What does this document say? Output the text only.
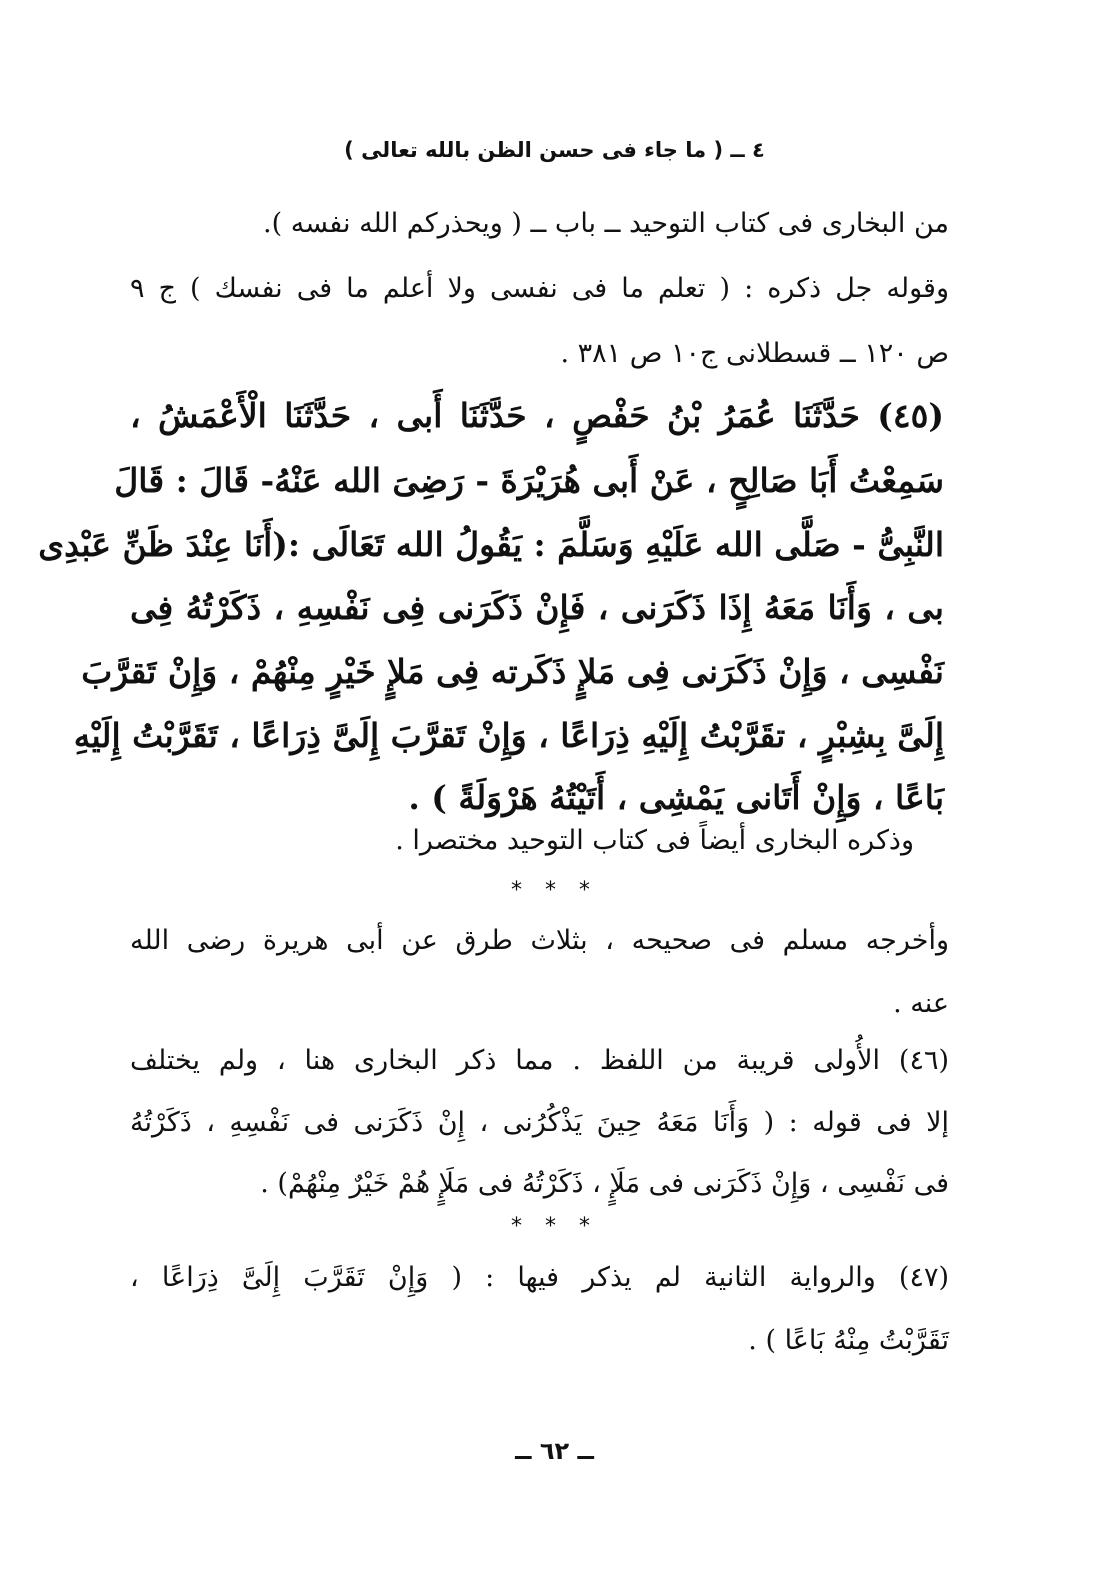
٤ ــ ( ما جاء فى حسن الظن بالله تعالى )
من البخارى فى كتاب التوحيد ــ باب ــ ( ويحذركم الله نفسه ).
وقوله جل ذكره : ( تعلم ما فى نفسى ولا أعلم ما فى نفسك ) ج ٩
ص ١٢٠ ــ قسطلانى ج١٠ ص ٣٨١ .
(٤٥) حَدَّثَنَا عُمَرُ بْنُ حَفْصٍ ، حَدَّثَنَا أَبى ، حَدَّثَنَا الْأَعْمَشُ ،
سَمِعْتُ أَبَا صَالِحٍ ، عَنْ أَبى هُرَيْرَةَ - رَضِىَ الله عَنْهُ- قَالَ : قَالَ
النَّبِىُّ - صَلَّى الله عَلَيْهِ وَسَلَّمَ : يَقُولُ الله تَعَالَى :(أَنَا عِنْدَ ظَنِّ عَبْدِى
بى ، وَأَنَا مَعَهُ إِذَا ذَكَرَنى ، فَإِنْ ذَكَرَنى فِى نَفْسِهِ ، ذَكَرْتُهُ فِى
نَفْسِى ، وَإِنْ ذَكَرَنى فِى مَلإٍ ذَكَرته فِى مَلإٍ خَيْرٍ مِنْهُمْ ، وَإِنْ تَقرَّبَ
إِلَىَّ بِشِبْرٍ ، تقَرَّبْتُ إِلَيْهِ ذِرَاعًا ، وَإِنْ تَقرَّبَ إِلَىَّ ذِرَاعًا ، تَقَرَّبْتُ إِلَيْهِ
بَاعًا ، وَإِنْ أَتَانى يَمْشِى ، أَتَيْتُهُ هَرْوَلَةً ) .
وذكره البخارى أيضاً فى كتاب التوحيد مختصرا .
* * *
وأخرجه مسلم فى صحيحه ، بثلاث طرق عن أبى هريرة رضى الله
عنه .
(٤٦) الأُولى قريبة من اللفظ . مما ذكر البخارى هنا ، ولم يختلف
إلا فى قوله : ( وَأَنَا مَعَهُ حِينَ يَذْكُرُنى ، إِنْ ذَكَرَنى فى نَفْسِهِ ، ذَكَرْتُهُ
فى نَفْسِى ، وَإِنْ ذَكَرَنى فى مَلَإٍ ، ذَكَرْتُهُ فى مَلَإٍ هُمْ خَيْرٌ مِنْهُمْ) .
* * *
(٤٧) والرواية الثانية لم يذكر فيها : ( وَإِنْ تَقَرَّبَ إِلَىَّ ذِرَاعًا ،
تَقَرَّبْتُ مِنْهُ بَاعًا ) .
ــ ٦٢ ــ
